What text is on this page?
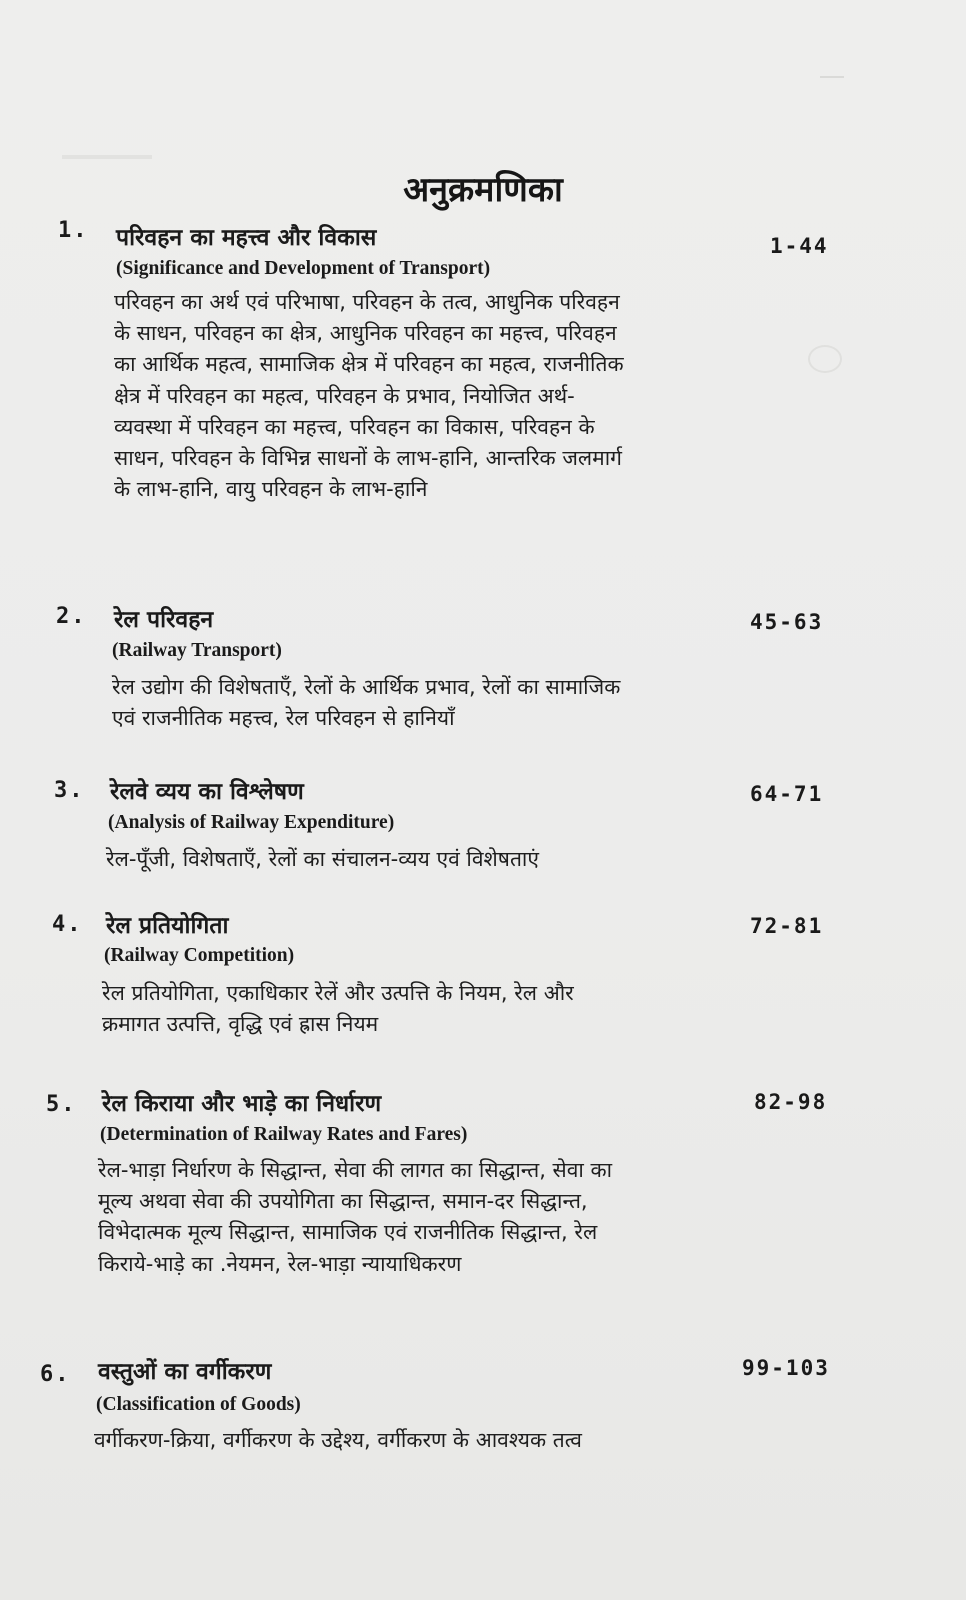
अनुक्रमणिका
1. परिवहन का महत्त्व और विकास	1-44
(Significance and Development of Transport)
परिवहन का अर्थ एवं परिभाषा, परिवहन के तत्व, आधुनिक परिवहन
के साधन, परिवहन का क्षेत्र, आधुनिक परिवहन का महत्त्व, परिवहन
का आर्थिक महत्व, सामाजिक क्षेत्र में परिवहन का महत्व, राजनीतिक
क्षेत्र में परिवहन का महत्व, परिवहन के प्रभाव, नियोजित अर्थ-
व्यवस्था में परिवहन का महत्त्व, परिवहन का विकास, परिवहन के
साधन, परिवहन के विभिन्न साधनों के लाभ-हानि, आन्तरिक जलमार्ग
के लाभ-हानि, वायु परिवहन के लाभ-हानि
2. रेल परिवहन	45-63
(Railway Transport)
रेल उद्योग की विशेषताएँ, रेलों के आर्थिक प्रभाव, रेलों का सामाजिक
एवं राजनीतिक महत्त्व, रेल परिवहन से हानियाँ
3. रेलवे व्यय का विश्लेषण	64-71
(Analysis of Railway Expenditure)
रेल-पूँजी, विशेषताएँ, रेलों का संचालन-व्यय एवं विशेषताएं
4. रेल प्रतियोगिता	72-81
(Railway Competition)
रेल प्रतियोगिता, एकाधिकार रेलें और उत्पत्ति के नियम, रेल और
क्रमागत उत्पत्ति, वृद्धि एवं ह्रास नियम
5. रेल किराया और भाड़े का निर्धारण	82-98
(Determination of Railway Rates and Fares)
रेल-भाड़ा निर्धारण के सिद्धान्त, सेवा की लागत का सिद्धान्त, सेवा का
मूल्य अथवा सेवा की उपयोगिता का सिद्धान्त, समान-दर सिद्धान्त,
विभेदात्मक मूल्य सिद्धान्त, सामाजिक एवं राजनीतिक सिद्धान्त, रेल
किराये-भाड़े का .नेयमन, रेल-भाड़ा न्यायाधिकरण
6. वस्तुओं का वर्गीकरण	99-103
(Classification of Goods)
वर्गीकरण-क्रिया, वर्गीकरण के उद्देश्य, वर्गीकरण के आवश्यक तत्व
